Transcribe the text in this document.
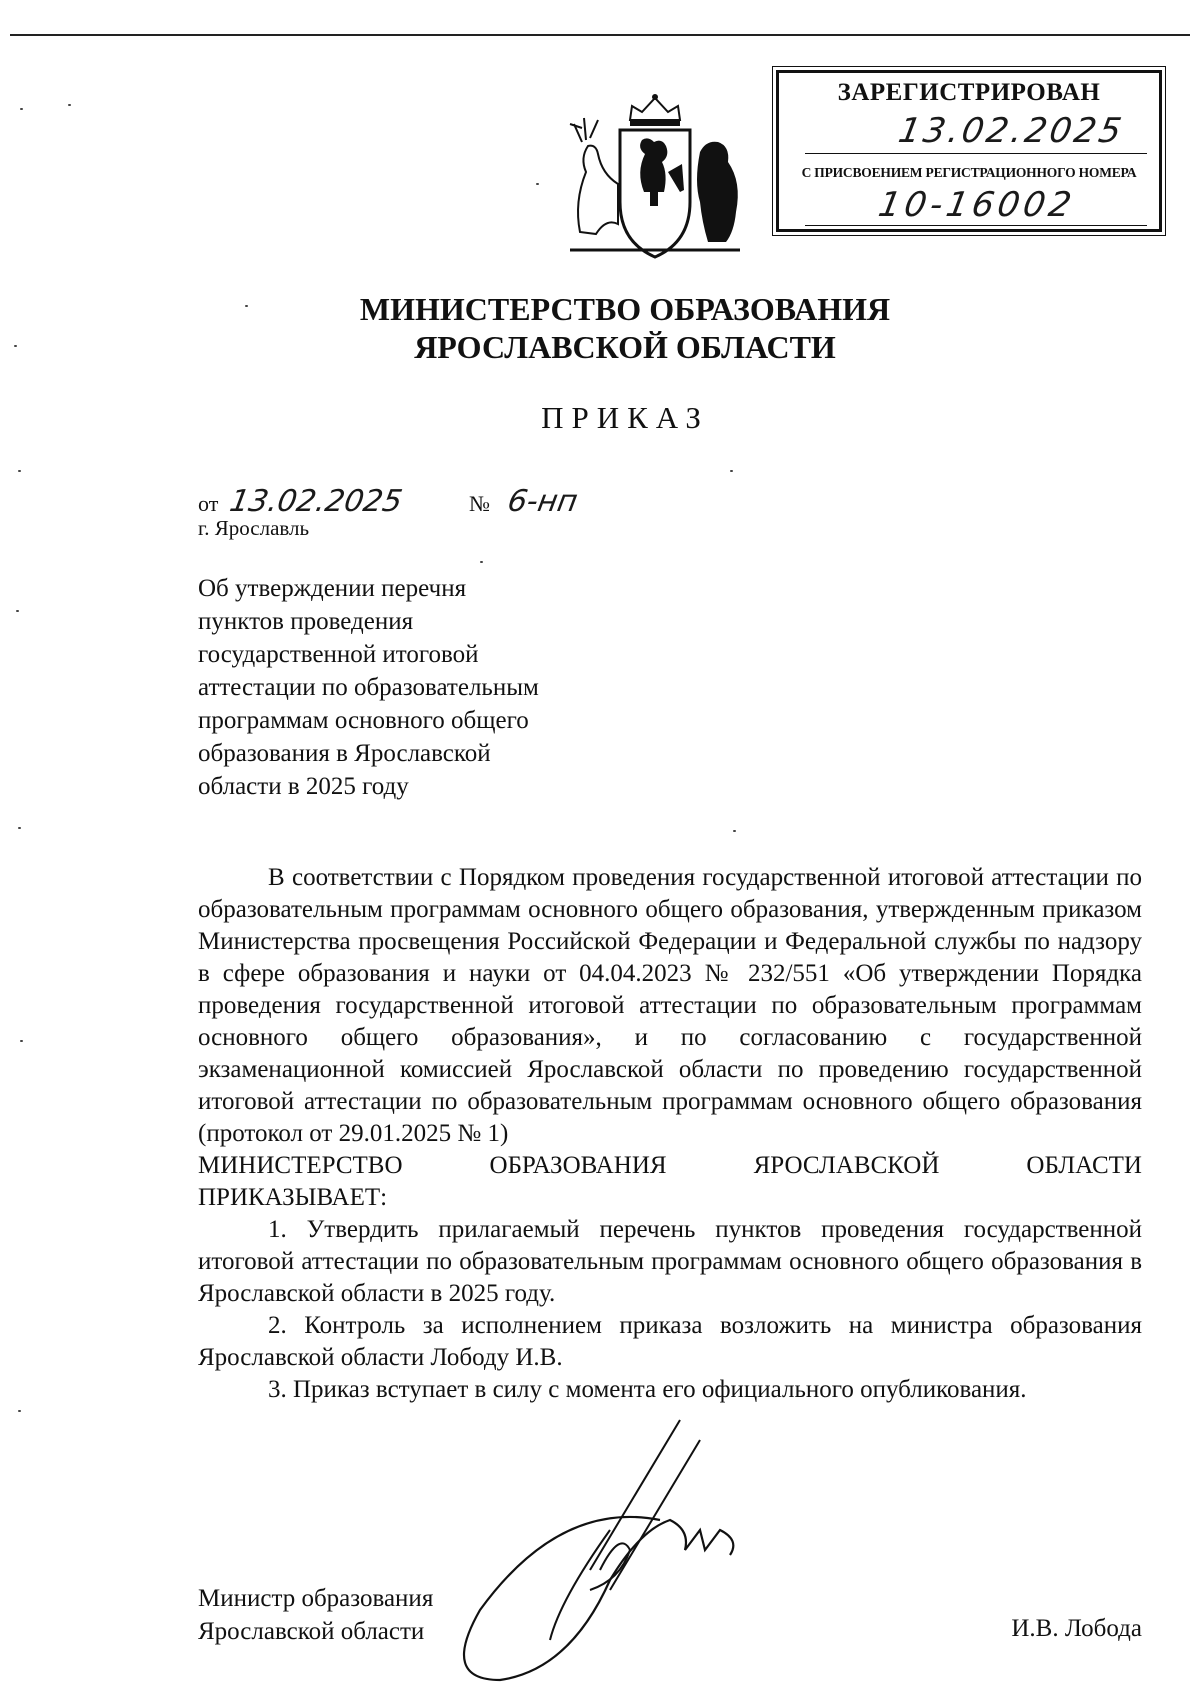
ЗАРЕГИСТРИРОВАН
13.02.2025
С ПРИСВОЕНИЕМ РЕГИСТРАЦИОННОГО НОМЕРА
10-16002
МИНИСТЕРСТВО ОБРАЗОВАНИЯ
ЯРОСЛАВСКОЙ ОБЛАСТИ
ПРИКАЗ
от 13.02.2025	№ 6-нп
г. Ярославль
Об утверждении перечня
пунктов проведения
государственной итоговой
аттестации по образовательным
программам основного общего
образования в Ярославской
области в 2025 году

В соответствии с Порядком проведения государственной итоговой аттестации по образовательным программам основного общего образования, утвержденным приказом Министерства просвещения Российской Федерации и Федеральной службы по надзору в сфере образования и науки от 04.04.2023 № 232/551 «Об утверждении Порядка проведения государственной итоговой аттестации по образовательным программам основного общего образования», и по согласованию с государственной экзаменационной комиссией Ярославской области по проведению государственной итоговой аттестации по образовательным программам основного общего образования (протокол от 29.01.2025 № 1)

МИНИСТЕРСТВО ОБРАЗОВАНИЯ ЯРОСЛАВСКОЙ ОБЛАСТИ

ПРИКАЗЫВАЕТ:

1. Утвердить прилагаемый перечень пунктов проведения государственной итоговой аттестации по образовательным программам основного общего образования в Ярославской области в 2025 году.

2. Контроль за исполнением приказа возложить на министра образования Ярославской области Лободу И.В.

3. Приказ вступает в силу с момента его официального опубликования.

Министр образования
Ярославской области	И.В. Лобода
